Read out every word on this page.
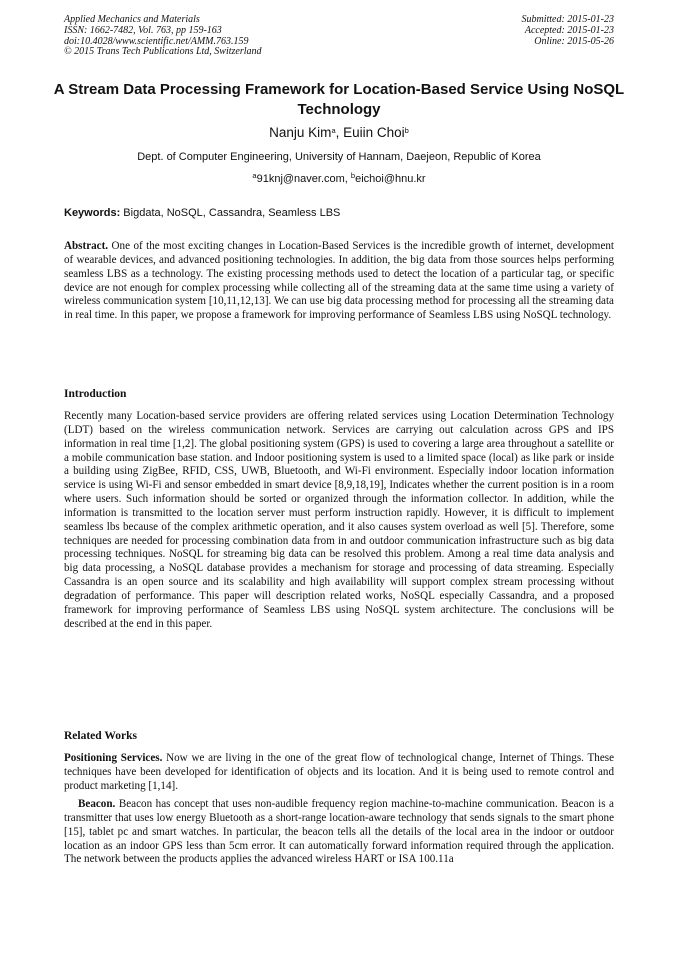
Applied Mechanics and Materials
ISSN: 1662-7482, Vol. 763, pp 159-163
doi:10.4028/www.scientific.net/AMM.763.159
© 2015 Trans Tech Publications Ltd, Switzerland
Submitted: 2015-01-23
Accepted: 2015-01-23
Online: 2015-05-26
A Stream Data Processing Framework for Location-Based Service Using NoSQL Technology
Nanju Kim$^a$, Euiin Choi$^b$
Dept. of Computer Engineering, University of Hannam, Daejeon, Republic of Korea
$^a$91knj@naver.com, $^b$eichoi@hnu.kr
Keywords: Bigdata, NoSQL, Cassandra, Seamless LBS

Abstract. One of the most exciting changes in Location-Based Services is the incredible growth of internet, development of wearable devices, and advanced positioning technologies. In addition, the big data from those sources helps performing seamless LBS as a technology. The existing processing methods used to detect the location of a particular tag, or specific device are not enough for complex processing while collecting all of the streaming data at the same time using a variety of wireless communication system [10,11,12,13]. We can use big data processing method for processing all the streaming data in real time. In this paper, we propose a framework for improving performance of Seamless LBS using NoSQL technology.

Introduction

Recently many Location-based service providers are offering related services using Location Determination Technology (LDT) based on the wireless communication network. Services are carrying out calculation across GPS and IPS information in real time [1,2]. The global positioning system (GPS) is used to covering a large area throughout a satellite or a mobile communication base station. and Indoor positioning system is used to a limited space (local) as like park or inside a building using ZigBee, RFID, CSS, UWB, Bluetooth, and Wi-Fi environment. Especially indoor location information service is using Wi-Fi and sensor embedded in smart device [8,9,18,19], Indicates whether the current position is in a room where users. Such information should be sorted or organized through the information collector. In addition, while the information is transmitted to the location server must perform instruction rapidly. However, it is difficult to implement seamless lbs because of the complex arithmetic operation, and it also causes system overload as well [5]. Therefore, some techniques are needed for processing combination data from in and outdoor communication infrastructure such as big data processing techniques. NoSQL for streaming big data can be resolved this problem. Among a real time data analysis and big data processing, a NoSQL database provides a mechanism for storage and processing of data streaming. Especially Cassandra is an open source and its scalability and high availability will support complex stream processing without degradation of performance. This paper will description related works, NoSQL especially Cassandra, and a proposed framework for improving performance of Seamless LBS using NoSQL system architecture. The conclusions will be described at the end in this paper.

Related Works

Positioning Services. Now we are living in the one of the great flow of technological change, Internet of Things. These techniques have been developed for identification of objects and its location. And it is being used to remote control and product marketing [1,14].

Beacon. Beacon has concept that uses non-audible frequency region machine-to-machine communication. Beacon is a transmitter that uses low energy Bluetooth as a short-range location-aware technology that sends signals to the smart phone [15], tablet pc and smart watches. In particular, the beacon tells all the details of the local area in the indoor or outdoor location as an indoor GPS less than 5cm error. It can automatically forward information required through the application. The network between the products applies the advanced wireless HART or ISA 100.11a
